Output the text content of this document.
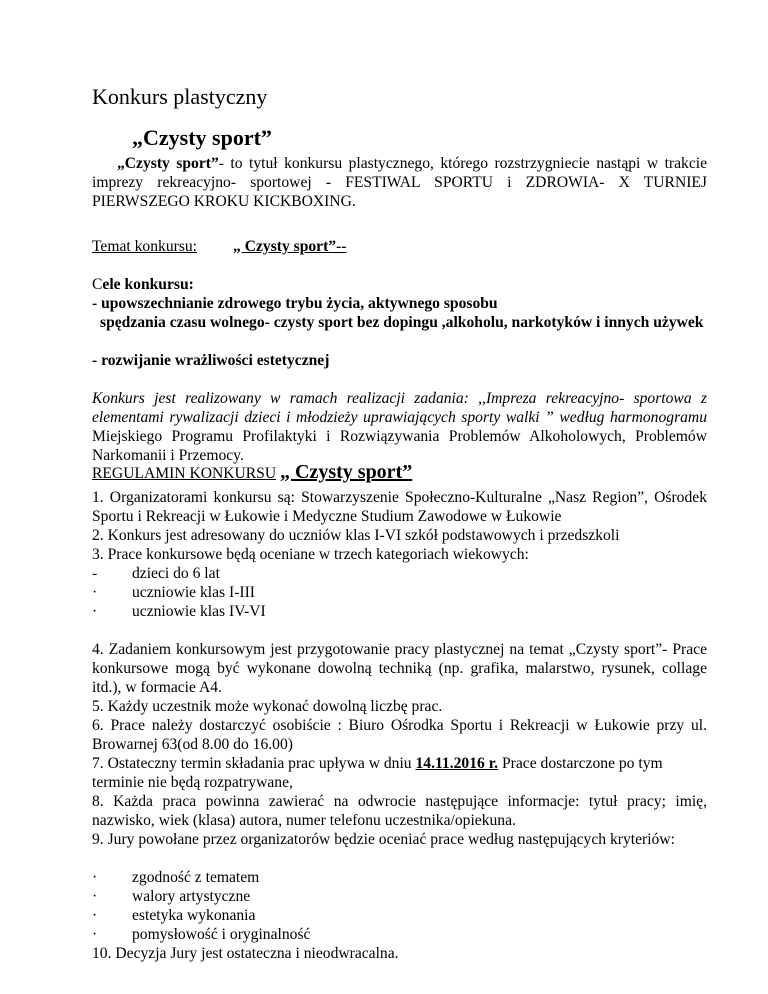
Konkurs plastyczny
„Czysty sport”
„Czysty sport”- to tytuł konkursu plastycznego, którego rozstrzygniecie nastąpi w trakcie imprezy rekreacyjno- sportowej - FESTIWAL SPORTU i ZDROWIA- X TURNIEJ PIERWSZEGO KROKU KICKBOXING.
Temat konkursu: „ Czysty sport”--
Cele konkursu:
- upowszechnianie zdrowego trybu życia, aktywnego sposobu
spędzania czasu wolnego- czysty sport bez dopingu ,alkoholu, narkotyków i innych używek
- rozwijanie wrażliwości estetycznej
Konkurs jest realizowany w ramach realizacji zadania: ,,Impreza rekreacyjno- sportowa z elementami rywalizacji dzieci i młodzieży uprawiających sporty walki ” według harmonogramu Miejskiego Programu Profilaktyki i Rozwiązywania Problemów Alkoholowych, Problemów Narkomanii i Przemocy.
REGULAMIN KONKURSU „ Czysty sport”
1. Organizatorami konkursu są: Stowarzyszenie Społeczno-Kulturalne „Nasz Region”, Ośrodek Sportu i Rekreacji w Łukowie i Medyczne Studium Zawodowe w Łukowie
2. Konkurs jest adresowany do uczniów klas I-VI szkół podstawowych i przedszkoli
3. Prace konkursowe będą oceniane w trzech kategoriach wiekowych:
- dzieci do 6 lat
· uczniowie klas I-III
· uczniowie klas IV-VI
4. Zadaniem konkursowym jest przygotowanie pracy plastycznej na temat „Czysty sport”- Prace konkursowe mogą być wykonane dowolną techniką (np. grafika, malarstwo, rysunek, collage itd.), w formacie A4.
5. Każdy uczestnik może wykonać dowolną liczbę prac.
6. Prace należy dostarczyć osobiście : Biuro Ośrodka Sportu i Rekreacji w Łukowie przy ul. Browarnej 63(od 8.00 do 16.00)
7. Ostateczny termin składania prac upływa w dniu 14.11.2016 r. Prace dostarczone po tym terminie nie będą rozpatrywane,
8. Każda praca powinna zawierać na odwrocie następujące informacje: tytuł pracy; imię, nazwisko, wiek (klasa) autora, numer telefonu uczestnika/opiekuna.
9. Jury powołane przez organizatorów będzie oceniać prace według następujących kryteriów:
· zgodność z tematem
· walory artystyczne
· estetyka wykonania
· pomysłowość i oryginalność
10. Decyzja Jury jest ostateczna i nieodwracalna.
